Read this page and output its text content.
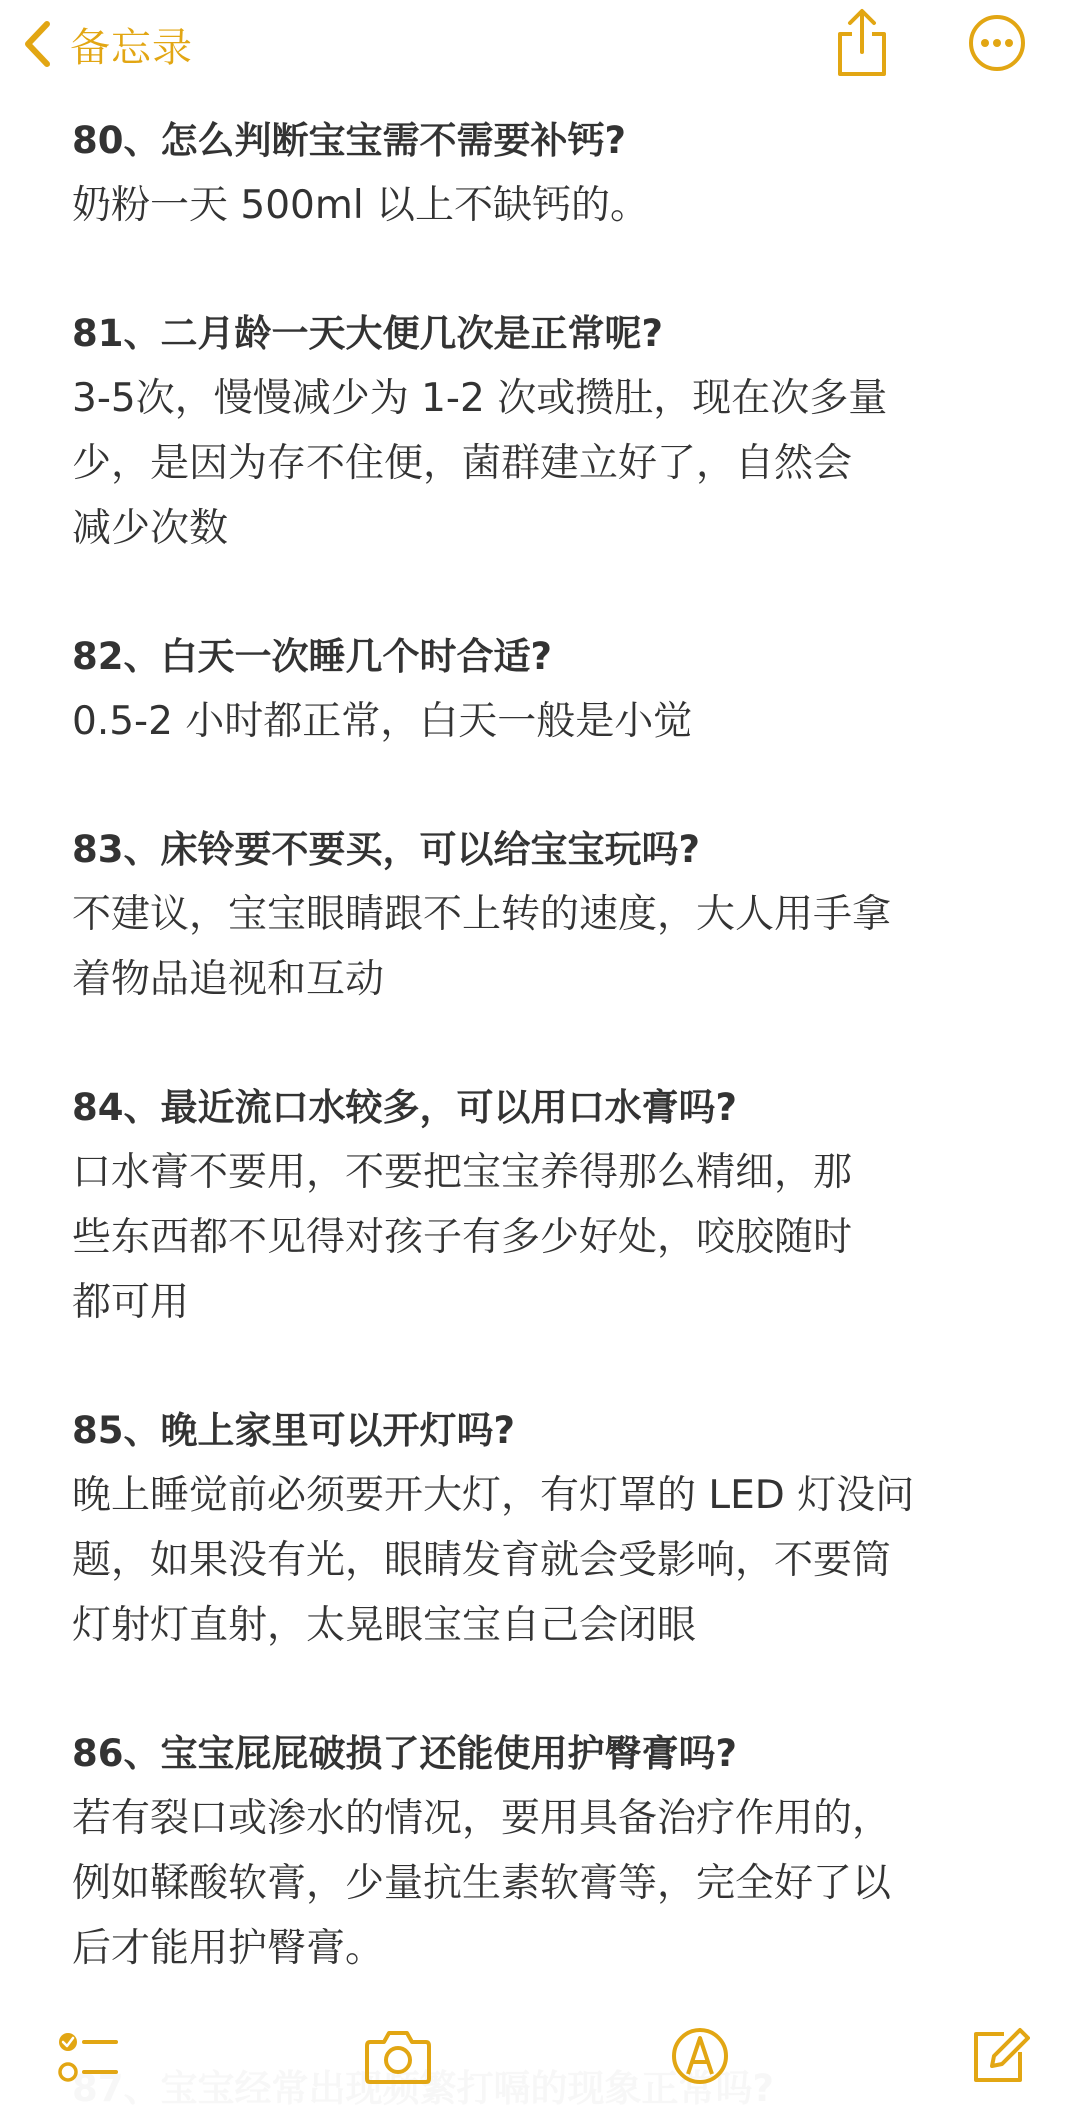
备忘录

80、怎么判断宝宝需不需要补钙?

奶粉一天 500ml 以上不缺钙的。

81、二月龄一天大便几次是正常呢?

3-5次，慢慢减少为 1-2 次或攒肚，现在次多量

少，是因为存不住便，菌群建立好了，自然会

减少次数

82、白天一次睡几个时合适?

0.5-2 小时都正常，白天一般是小觉

83、床铃要不要买，可以给宝宝玩吗?

不建议，宝宝眼睛跟不上转的速度，大人用手拿

着物品追视和互动

84、最近流口水较多，可以用口水膏吗?

口水膏不要用，不要把宝宝养得那么精细，那

些东西都不见得对孩子有多少好处，咬胶随时

都可用

85、晚上家里可以开灯吗?

晚上睡觉前必须要开大灯，有灯罩的 LED 灯没问

题，如果没有光，眼睛发育就会受影响，不要筒

灯射灯直射，太晃眼宝宝自己会闭眼

86、宝宝屁屁破损了还能使用护臀膏吗?

若有裂口或渗水的情况，要用具备治疗作用的，

例如鞣酸软膏，少量抗生素软膏等，完全好了以

后才能用护臀膏。
